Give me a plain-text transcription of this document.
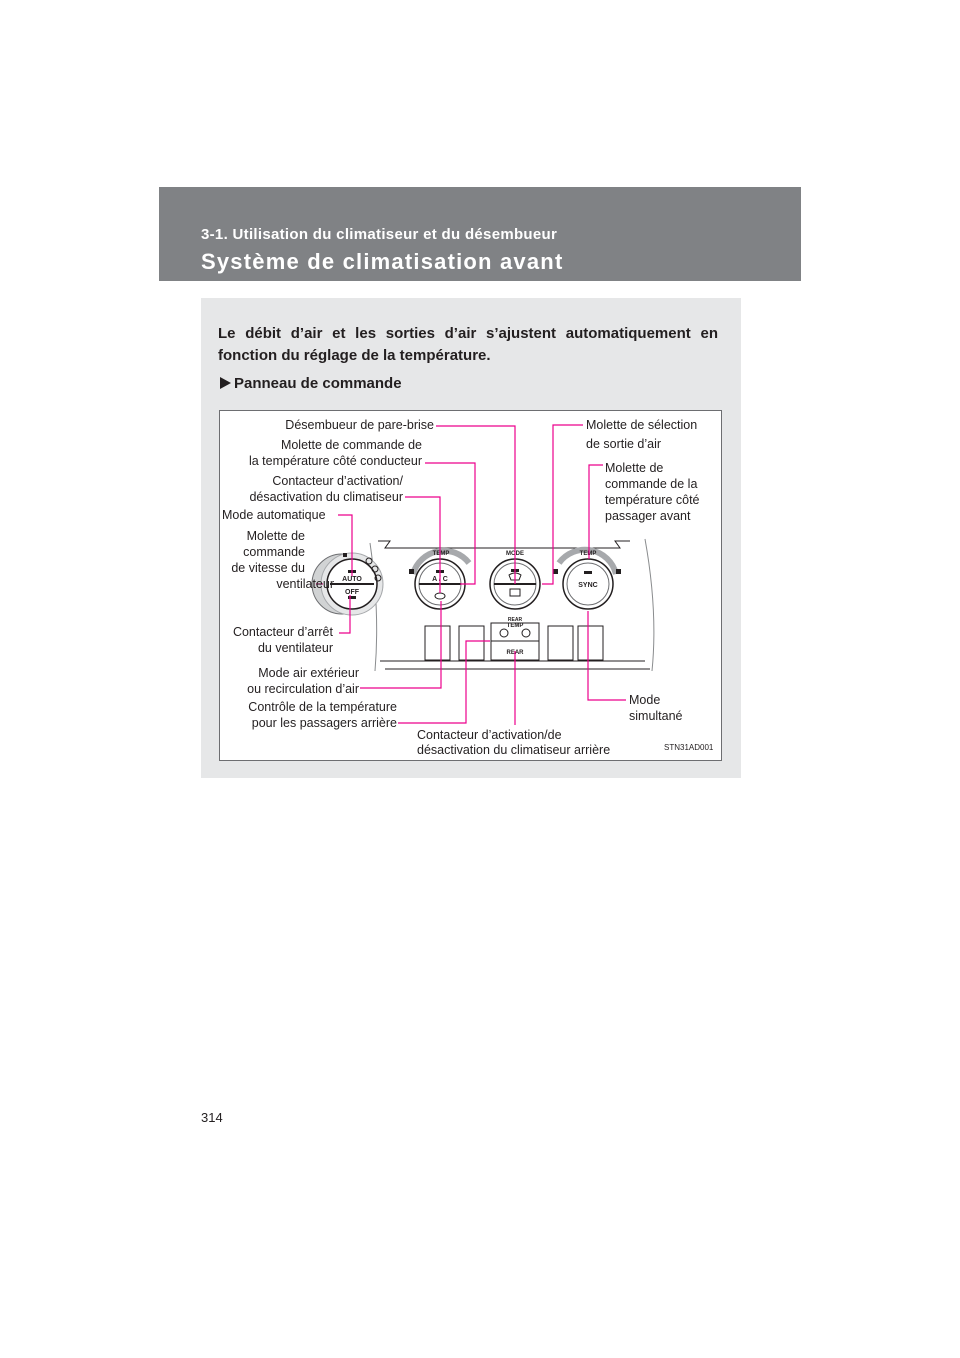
3-1. Utilisation du climatiseur et du désembueur
Système de climatisation avant
Le débit d’air et les sorties d’air s’ajustent automatiquement en
fonction du réglage de la température.
Panneau de commande
AUTO
OFF
TEMP
A / C
MODE	TEMP
SYNC
REAR
TEMP
REAR
Désembueur de pare-brise
Molette de commande de
la température côté conducteur
Contacteur d’activation/
désactivation du climatiseur
Mode automatique
Molette de
commande
de vitesse du
ventilateur
Contacteur d’arrêt
du ventilateur
Mode air extérieur
ou recirculation d’air
Contrôle de la température
pour les passagers arrière
Contacteur d’activation/de
désactivation du climatiseur arrière
Molette de sélection
de sortie d’air
Molette de
commande de la
température côté
passager avant
Mode
simultané
STN31AD001
314
